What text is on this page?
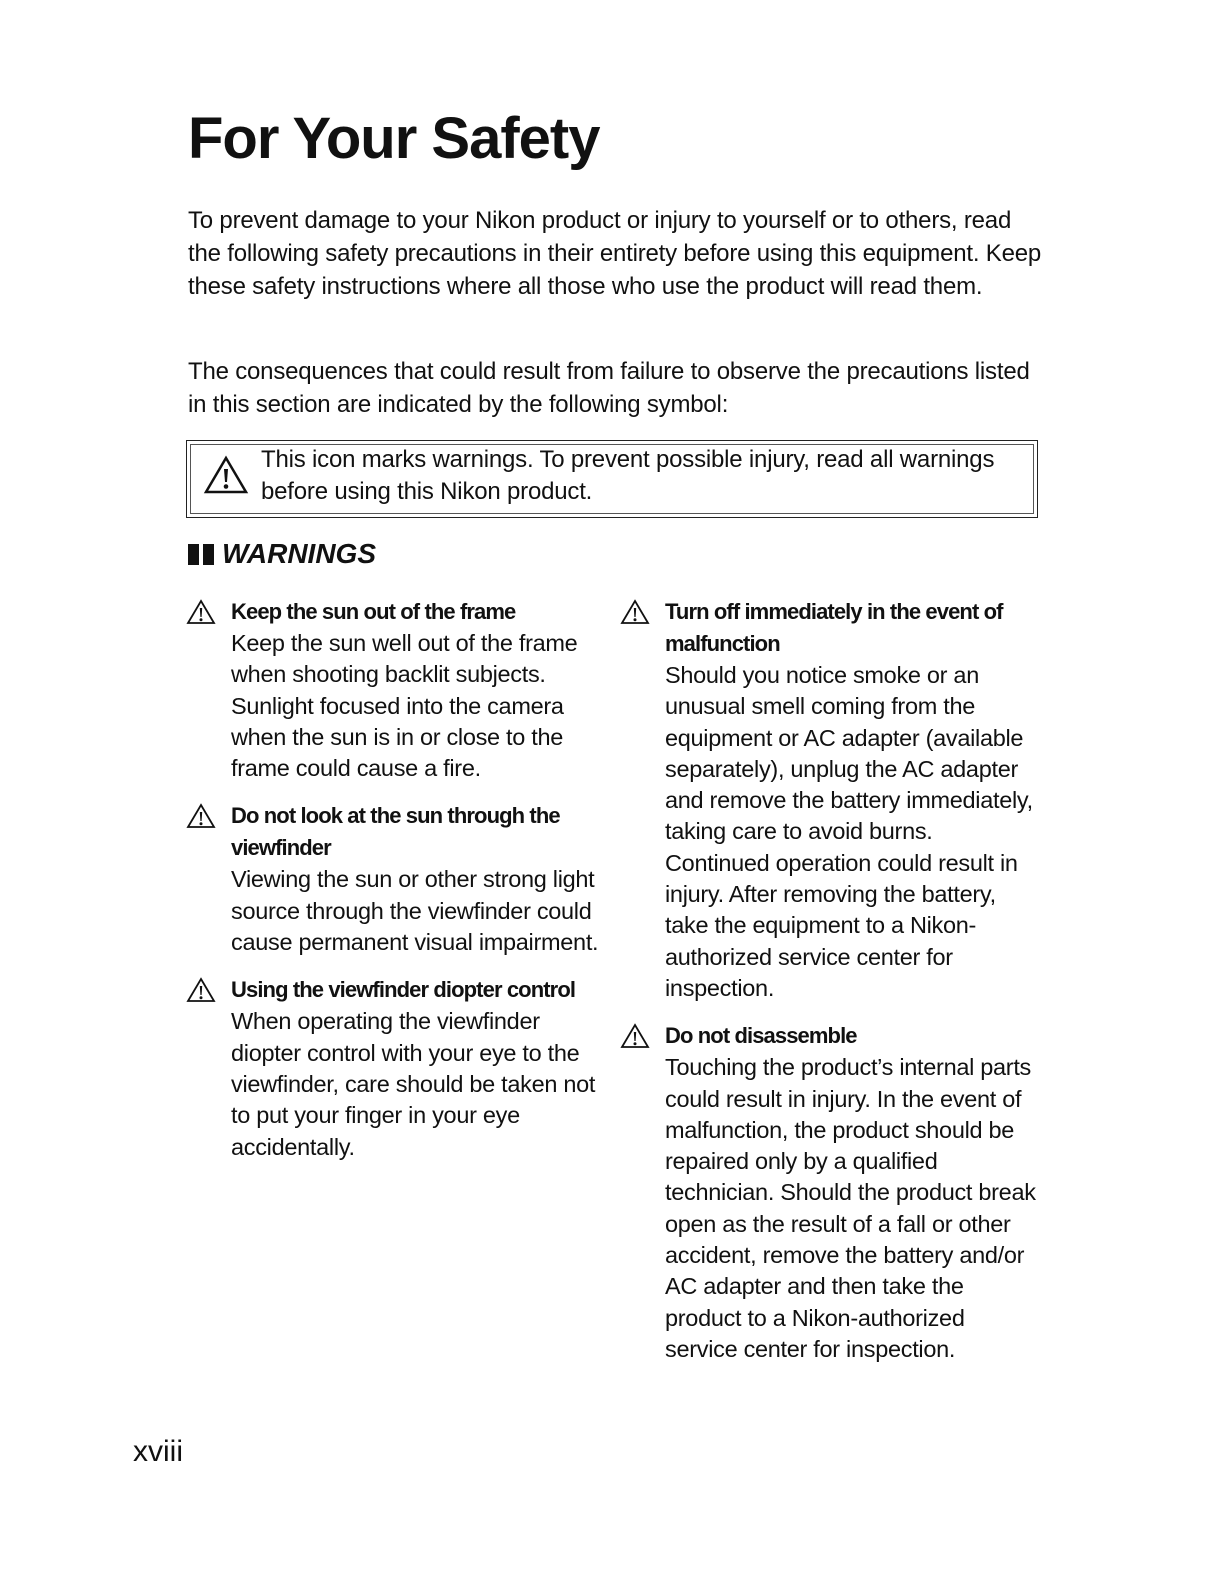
For Your Safety

To prevent damage to your Nikon product or injury to yourself or to others, read the following safety precautions in their entirety before using this equipment. Keep these safety instructions where all those who use the product will read them.

The consequences that could result from failure to observe the precautions listed in this section are indicated by the following symbol:

This icon marks warnings. To prevent possible injury, read all warnings before using this Nikon product.
WARNINGS
Keep the sun out of the frame
Keep the sun well out of the frame when shooting backlit subjects. Sunlight focused into the camera when the sun is in or close to the frame could cause a fire.
Do not look at the sun through the viewfinder
Viewing the sun or other strong light source through the viewfinder could cause permanent visual impairment.
Using the viewfinder diopter control
When operating the viewfinder diopter control with your eye to the viewfinder, care should be taken not to put your finger in your eye accidentally.
Turn off immediately in the event of malfunction
Should you notice smoke or an unusual smell coming from the equipment or AC adapter (available separately), unplug the AC adapter and remove the battery immediately, taking care to avoid burns. Continued operation could result in injury. After removing the battery, take the equipment to a Nikon-authorized service center for inspection.
Do not disassemble
Touching the product’s internal parts could result in injury. In the event of malfunction, the product should be repaired only by a qualified technician. Should the product break open as the result of a fall or other accident, remove the battery and/or AC adapter and then take the product to a Nikon-authorized service center for inspection.
xviii
